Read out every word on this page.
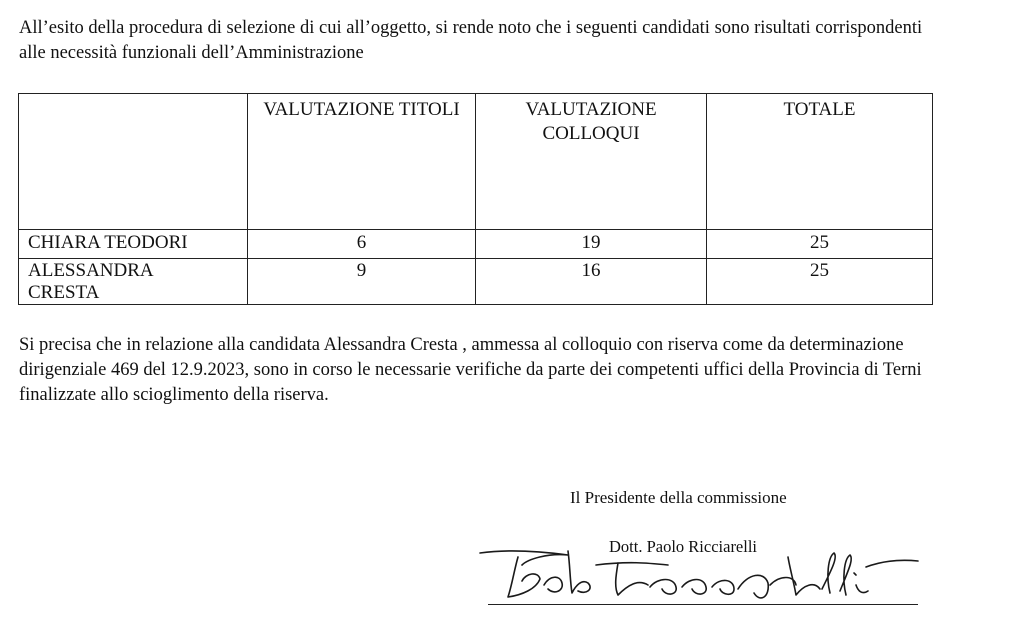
All’esito della procedura di selezione di cui all’oggetto, si rende noto che i seguenti candidati sono risultati corrispondenti alle necessità funzionali dell’Amministrazione

	VALUTAZIONE TITOLI	VALUTAZIONE COLLOQUI	TOTALE
CHIARA TEODORI	6	19	25

ALESSANDRA CRESTA	9	16	25

Si precisa che in relazione alla candidata Alessandra Cresta , ammessa al colloquio con riserva come da determinazione dirigenziale 469 del 12.9.2023, sono in corso le necessarie verifiche da parte dei competenti uffici della Provincia di Terni finalizzate allo scioglimento della riserva.

Il Presidente della commissione
Dott. Paolo Ricciarelli
